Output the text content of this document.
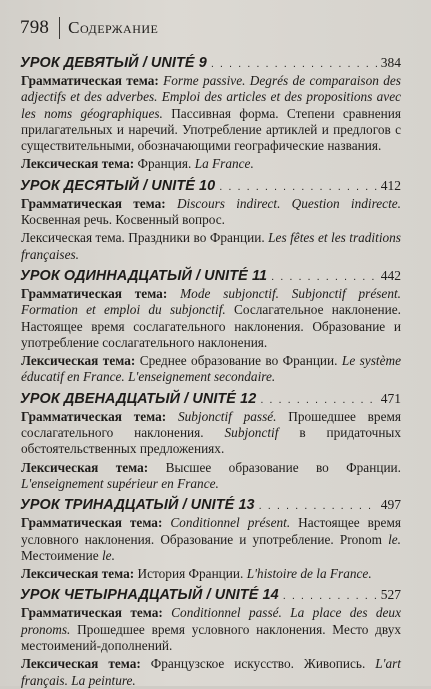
798 Содержание
УРОК ДЕВЯТЫЙ / UNITÉ 9 . . .	384

Грамматическая тема: Forme passive. Degrés de comparaison des adjectifs et des adverbes. Emploi des articles et des propositions avec les noms géographiques. Пассивная форма. Степени сравнения прилагательных и наречий. Употребление артиклей и предлогов с существительными, обозначающими географические названия.

Лексическая тема: Франция. La France.

УРОК ДЕСЯТЫЙ / UNITÉ 10 . . .	412

Грамматическая тема: Discours indirect. Question indirecte. Косвенная речь. Косвенный вопрос.

Лексическая тема. Праздники во Франции. Les fêtes et les traditions françaises.

УРОК ОДИННАДЦАТЫЙ / UNITÉ 11 . . .	442

Грамматическая тема: Mode subjonctif. Subjonctif présent. Formation et emploi du subjonctif. Сослагательное наклонение. Настоящее время сослагательного наклонения. Образование и употребление сослагательного наклонения.

Лексическая тема: Среднее образование во Франции. Le système éducatif en France. L'enseignement secondaire.

УРОК ДВЕНАДЦАТЫЙ / UNITÉ 12 . . .	471

Грамматическая тема: Subjonctif passé. Прошедшее время сослагательного наклонения. Subjonctif в придаточных обстоятельственных предложениях.

Лексическая тема: Высшее образование во Франции. L'enseignement supérieur en France.

УРОК ТРИНАДЦАТЫЙ / UNITÉ 13 . . .	497

Грамматическая тема: Conditionnel présent. Настоящее время условного наклонения. Образование и употребление. Pronom le. Местоимение le.

Лексическая тема: История Франции. L'histoire de la France.

УРОК ЧЕТЫРНАДЦАТЫЙ / UNITÉ 14 . . .	527

Грамматическая тема: Conditionnel passé. La place des deux pronoms. Прошедшее время условного наклонения. Место двух местоимений-дополнений.

Лексическая тема: Французское искусство. Живопись. L'art français. La peinture.
